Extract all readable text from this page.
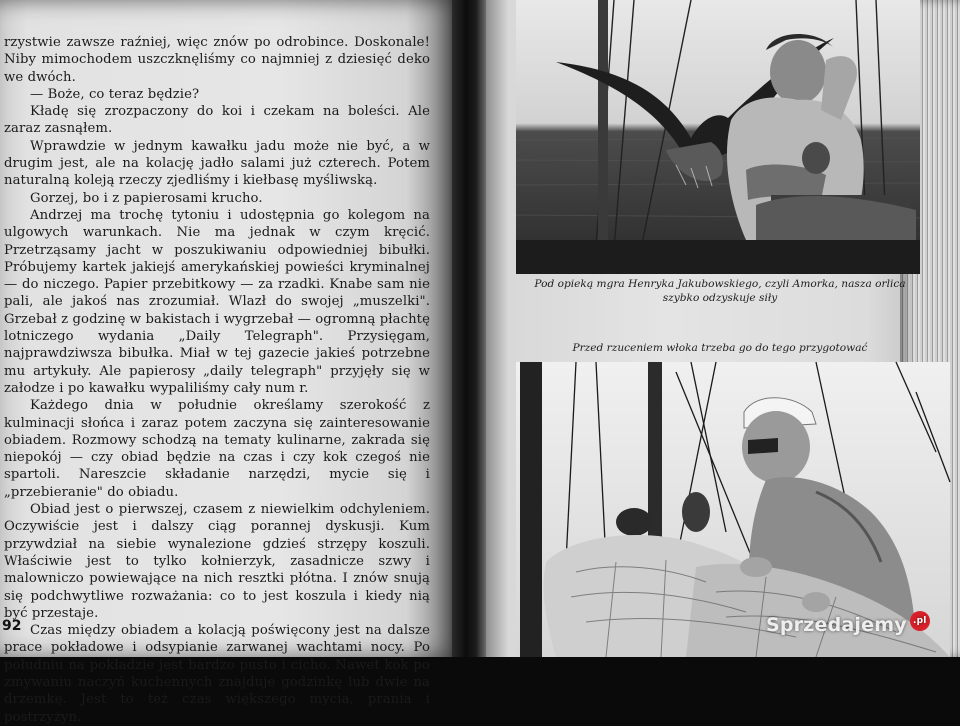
rzystwie zawsze raźniej, więc znów po odrobince. Doskonale! Niby mimochodem uszczknęliśmy co najmniej z dziesięć deko we dwóch.

— Boże, co teraz będzie?

Kładę się zrozpaczony do koi i czekam na boleści. Ale zaraz zasnąłem.

Wprawdzie w jednym kawałku jadu może nie być, a w drugim jest, ale na kolację jadło salami już czterech. Potem naturalną koleją rzeczy zjedliśmy i kiełbasę myśliwską.

Gorzej, bo i z papierosami krucho.

Andrzej ma trochę tytoniu i udostępnia go kolegom na ulgowych warunkach. Nie ma jednak w czym kręcić. Przetrząsamy jacht w poszukiwaniu odpowiedniej bibułki. Próbujemy kartek jakiejś amerykańskiej powieści kryminalnej — do niczego. Papier przebitkowy — za rzadki. Knabe sam nie pali, ale jakoś nas zrozumiał. Wlazł do swojej „muszelki". Grzebał z godzinę w bakistach i wygrzebał — ogromną płachtę lotniczego wydania „Daily Telegraph". Przysięgam, najprawdziwsza bibułka. Miał w tej gazecie jakieś potrzebne mu artykuły. Ale papierosy „daily telegraph" przyjęły się w załodze i po kawałku wypaliliśmy cały num r.

Każdego dnia w południe określamy szerokość z kulminacji słońca i zaraz potem zaczyna się zainteresowanie obiadem. Rozmowy schodzą na tematy kulinarne, zakrada się niepokój — czy obiad będzie na czas i czy kok czegoś nie spartoli. Nareszcie składanie narzędzi, mycie się i „przebieranie" do obiadu.

Obiad jest o pierwszej, czasem z niewielkim odchyleniem. Oczywiście jest i dalszy ciąg porannej dyskusji. Kum przywdział na siebie wynalezione gdzieś strzępy koszuli. Właściwie jest to tylko kołnierzyk, zasadnicze szwy i malowniczo powiewające na nich resztki płótna. I znów snują się podchwytliwe rozważania: co to jest koszula i kiedy nią być przestaje.

Czas między obiadem a kolacją poświęcony jest na dalsze prace pokładowe i odsypianie zarwanej wachtami nocy. Po południu na pokładzie jest bardzo pusto i cicho. Nawet kok po zmywaniu naczyń kuchennych znajduje godzinkę lub dwie na drzemkę. Jest to też czas większego mycia, prania i postrzyżyn.

92
Pod opieką mgra Henryka Jakubowskiego, czyli Amorka, nasza orlica szybko odzyskuje siły
Przed rzuceniem włoka trzeba go do tego przygotować
Sprzedajemy .pl
